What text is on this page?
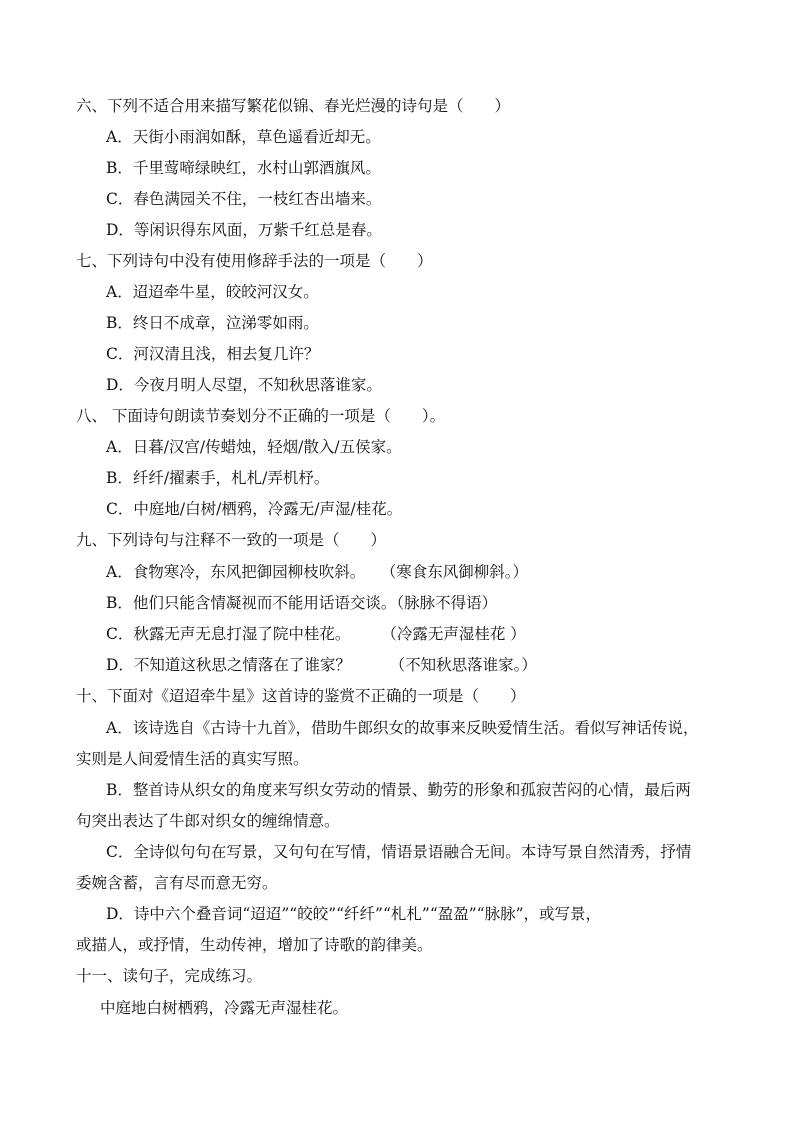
六、下列不适合用来描写繁花似锦、春光烂漫的诗句是（　　）
A．天街小雨润如酥，草色遥看近却无。
B．千里莺啼绿映红，水村山郭酒旗风。
C．春色满园关不住，一枝红杏出墙来。
D．等闲识得东风面，万紫千红总是春。
七、下列诗句中没有使用修辞手法的一项是（　　）
A．迢迢牵牛星，皎皎河汉女。
B．终日不成章，泣涕零如雨。
C．河汉清且浅，相去复几许？
D．今夜月明人尽望，不知秋思落谁家。
八、 下面诗句朗读节奏划分不正确的一项是（　　）。
A．日暮/汉宫/传蜡烛，轻烟/散入/五侯家。
B．纤纤/擢素手，札札/弄机杼。
C．中庭地/白树/栖鸦，冷露无/声湿/桂花。
九、下列诗句与注释不一致的一项是（　　）
A．食物寒冷，东风把御园柳枝吹斜。　　（寒食东风御柳斜。）
B．他们只能含情凝视而不能用话语交谈。（脉脉不得语）
C．秋露无声无息打湿了院中桂花。　　　（冷露无声湿桂花 ）
D．不知道这秋思之情落在了谁家？　　　（不知秋思落谁家。）
十、下面对《迢迢牵牛星》这首诗的鉴赏不正确的一项是（　　）
A．该诗选自《古诗十九首》，借助牛郎织女的故事来反映爱情生活。看似写神话传说，
实则是人间爱情生活的真实写照。
B．整首诗从织女的角度来写织女劳动的情景、勤劳的形象和孤寂苦闷的心情，最后两
句突出表达了牛郎对织女的缠绵情意。
C．全诗似句句在写景，又句句在写情，情语景语融合无间。本诗写景自然清秀，抒情
委婉含蓄，言有尽而意无穷。
D．诗中六个叠音词“迢迢”“皎皎”“纤纤”“札札”“盈盈”“脉脉”，或写景，
或描人，或抒情，生动传神，增加了诗歌的韵律美。
十一、读句子，完成练习。
中庭地白树栖鸦，冷露无声湿桂花。
